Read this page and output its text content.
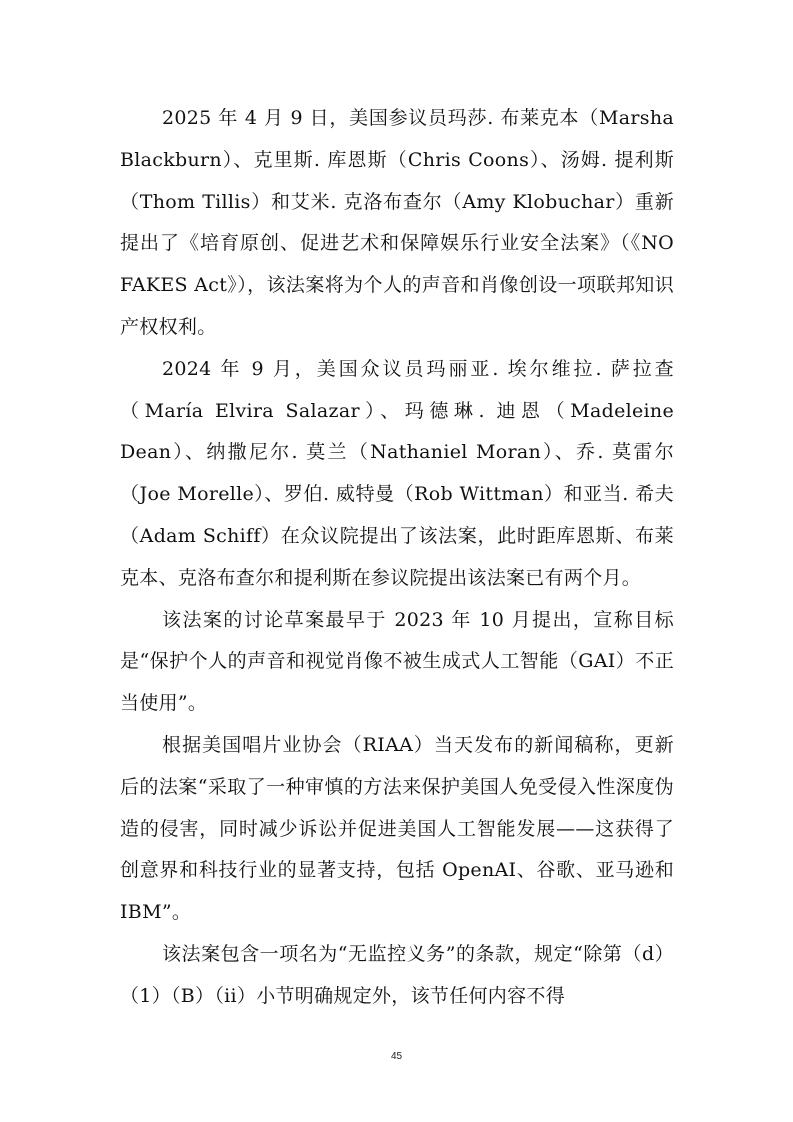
2025 年 4 月 9 日，美国参议员玛莎. 布莱克本（Marsha Blackburn）、克里斯. 库恩斯（Chris Coons）、汤姆. 提利斯（Thom Tillis）和艾米. 克洛布查尔（Amy Klobuchar）重新提出了《培育原创、促进艺术和保障娱乐行业安全法案》（《NO FAKES Act》），该法案将为个人的声音和肖像创设一项联邦知识产权权利。

2024 年 9 月，美国众议员玛丽亚. 埃尔维拉. 萨拉查（María Elvira Salazar）、玛德琳. 迪恩（Madeleine Dean）、纳撒尼尔. 莫兰（Nathaniel Moran）、乔. 莫雷尔（Joe Morelle）、罗伯. 威特曼（Rob Wittman）和亚当. 希夫（Adam Schiff）在众议院提出了该法案，此时距库恩斯、布莱克本、克洛布查尔和提利斯在参议院提出该法案已有两个月。

该法案的讨论草案最早于 2023 年 10 月提出，宣称目标是“保护个人的声音和视觉肖像不被生成式人工智能（GAI）不正当使用”。

根据美国唱片业协会（RIAA）当天发布的新闻稿称，更新后的法案“采取了一种审慎的方法来保护美国人免受侵入性深度伪造的侵害，同时减少诉讼并促进美国人工智能发展——这获得了创意界和科技行业的显著支持，包括 OpenAI、谷歌、亚马逊和 IBM”。

该法案包含一项名为“无监控义务”的条款，规定“除第（d）（1）（B）（ii）小节明确规定外，该节任何内容不得

45
